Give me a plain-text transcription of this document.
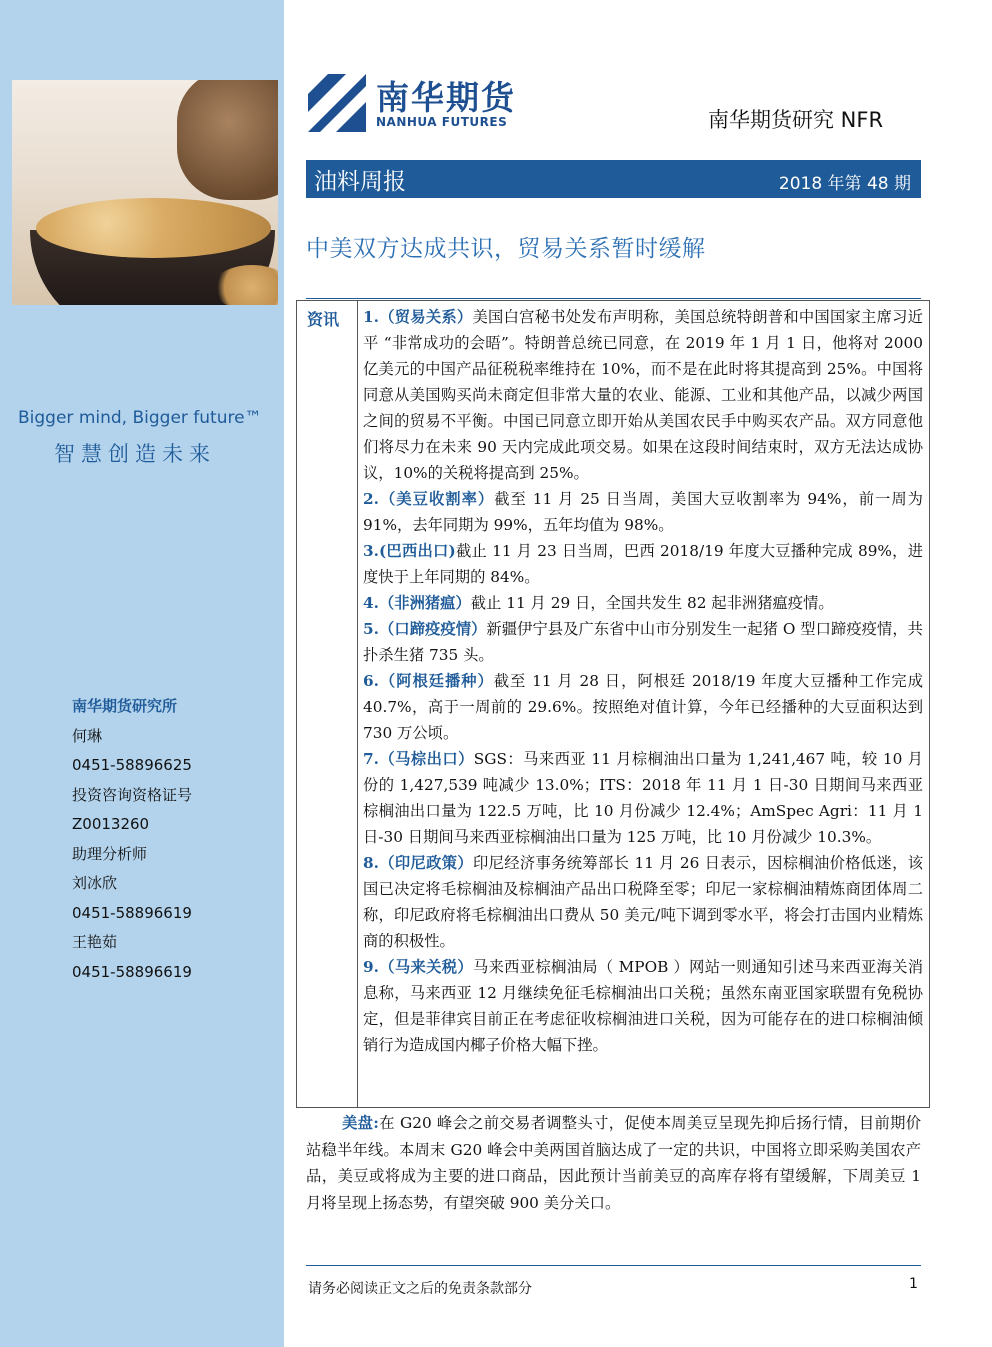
Bigger mind, Bigger future™
智慧创造未来
南华期货研究所
何琳
0451-58896625
投资咨询资格证号
Z0013260
助理分析师
刘冰欣
0451-58896619
王艳茹
0451-58896619
南华期货
NANHUA FUTURES	南华期货研究 NFR
油料周报	2018 年第 48 期
中美双方达成共识，贸易关系暂时缓解
资讯 1.（贸易关系）美国白宫秘书处发布声明称，美国总统特朗普和中国国家主席习近平 “非常成功的会晤”。特朗普总统已同意，在 2019 年 1 月 1 日，他将对 2000 亿美元的中国产品征税税率维持在 10%，而不是在此时将其提高到 25%。中国将同意从美国购买尚未商定但非常大量的农业、能源、工业和其他产品，以减少两国之间的贸易不平衡。中国已同意立即开始从美国农民手中购买农产品。双方同意他们将尽力在未来 90 天内完成此项交易。如果在这段时间结束时，双方无法达成协议，10%的关税将提高到 25%。

2.（美豆收割率）截至 11 月 25 日当周，美国大豆收割率为 94%，前一周为 91%，去年同期为 99%，五年均值为 98%。

3.(巴西出口)截止 11 月 23 日当周，巴西 2018/19 年度大豆播种完成 89%，进度快于上年同期的 84%。

4.（非洲猪瘟）截止 11 月 29 日，全国共发生 82 起非洲猪瘟疫情。

5.（口蹄疫疫情）新疆伊宁县及广东省中山市分别发生一起猪 O 型口蹄疫疫情，共扑杀生猪 735 头。

6.（阿根廷播种）截至 11 月 28 日，阿根廷 2018/19 年度大豆播种工作完成 40.7%，高于一周前的 29.6%。按照绝对值计算，今年已经播种的大豆面积达到 730 万公顷。

7.（马棕出口）SGS：马来西亚 11 月棕榈油出口量为 1,241,467 吨，较 10 月份的 1,427,539 吨减少 13.0%；ITS：2018 年 11 月 1 日-30 日期间马来西亚棕榈油出口量为 122.5 万吨，比 10 月份减少 12.4%；AmSpec Agri：11 月 1 日-30 日期间马来西亚棕榈油出口量为 125 万吨，比 10 月份减少 10.3%。

8.（印尼政策）印尼经济事务统筹部长 11 月 26 日表示，因棕榈油价格低迷，该国已决定将毛棕榈油及棕榈油产品出口税降至零；印尼一家棕榈油精炼商团体周二称，印尼政府将毛棕榈油出口费从 50 美元/吨下调到零水平，将会打击国内业精炼商的积极性。

9.（马来关税）马来西亚棕榈油局（ MPOB ）网站一则通知引述马来西亚海关消息称，马来西亚 12 月继续免征毛棕榈油出口关税；虽然东南亚国家联盟有免税协定，但是菲律宾目前正在考虑征收棕榈油进口关税，因为可能存在的进口棕榈油倾销行为造成国内椰子价格大幅下挫。

美盘:在 G20 峰会之前交易者调整头寸，促使本周美豆呈现先抑后扬行情，目前期价站稳半年线。本周末 G20 峰会中美两国首脑达成了一定的共识，中国将立即采购美国农产品，美豆或将成为主要的进口商品，因此预计当前美豆的高库存将有望缓解，下周美豆 1 月将呈现上扬态势，有望突破 900 美分关口。
请务必阅读正文之后的免责条款部分	1
